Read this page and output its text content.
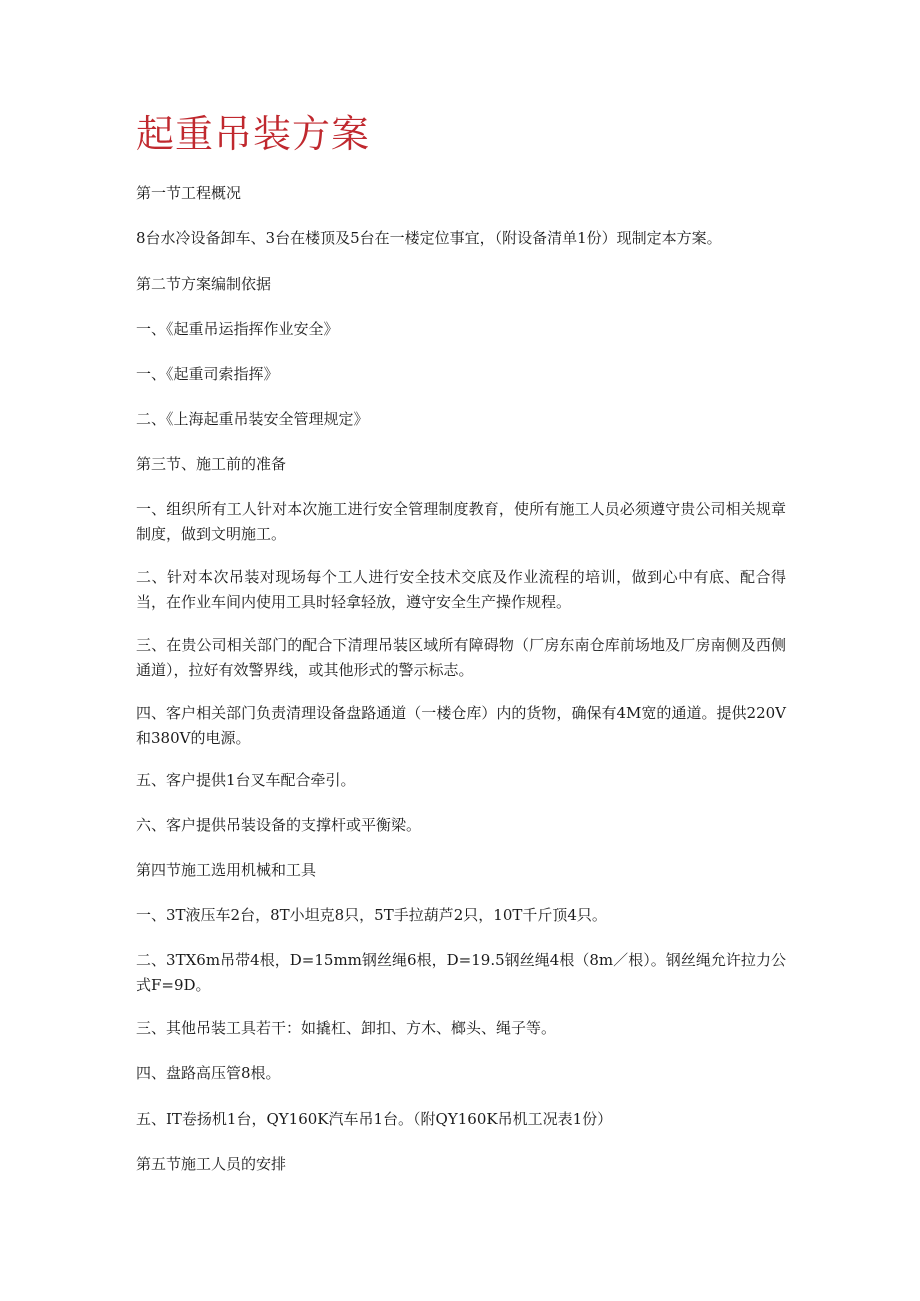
起重吊装方案

第一节工程概况

8台水冷设备卸车、3台在楼顶及5台在一楼定位事宜，（附设备清单1份）现制定本方案。

第二节方案编制依据

一、《起重吊运指挥作业安全》

一、《起重司索指挥》

二、《上海起重吊装安全管理规定》

第三节、施工前的准备

一、组织所有工人针对本次施工进行安全管理制度教育，使所有施工人员必须遵守贵公司相关规章制度，做到文明施工。

二、针对本次吊装对现场每个工人进行安全技术交底及作业流程的培训，做到心中有底、配合得当，在作业车间内使用工具时轻拿轻放，遵守安全生产操作规程。

三、在贵公司相关部门的配合下清理吊装区域所有障碍物（厂房东南仓库前场地及厂房南侧及西侧通道），拉好有效警界线，或其他形式的警示标志。

四、客户相关部门负责清理设备盘路通道（一楼仓库）内的货物，确保有4M宽的通道。提供220V和380V的电源。

五、客户提供1台叉车配合牵引。

六、客户提供吊装设备的支撑杆或平衡梁。

第四节施工选用机械和工具

一、3T液压车2台，8T小坦克8只，5T手拉葫芦2只，10T千斤顶4只。

二、3TX6m吊带4根，D=15mm钢丝绳6根，D=19.5钢丝绳4根（8m／根）。钢丝绳允许拉力公式F=9D。

三、其他吊装工具若干：如撬杠、卸扣、方木、榔头、绳子等。

四、盘路高压管8根。

五、IT卷扬机1台，QY160K汽车吊1台。（附QY160K吊机工况表1份）

第五节施工人员的安排
